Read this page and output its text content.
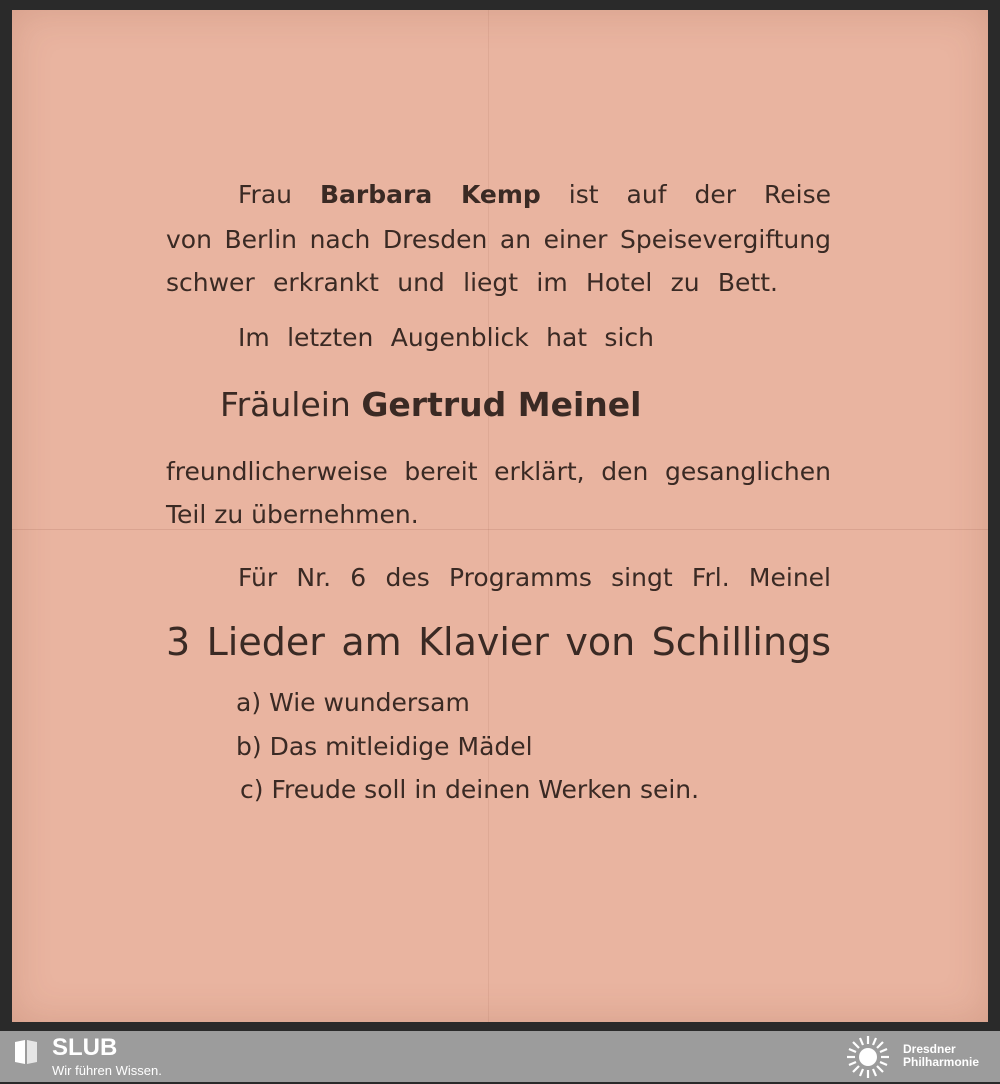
Frau Barbara Kemp ist auf der Reise
von Berlin nach Dresden an einer Speisevergiftung
schwer erkrankt und liegt im Hotel zu Bett.
Im letzten Augenblick hat sich
Fräulein Gertrud Meinel
freundlicherweise bereit erklärt, den gesanglichen
Teil zu übernehmen.
Für Nr. 6 des Programms singt Frl. Meinel
3 Lieder am Klavier von Schillings
a) Wie wundersam
b) Das mitleidige Mädel
c) Freude soll in deinen Werken sein.
SLUB
Wir führen Wissen.
Dresdner
Philharmonie
